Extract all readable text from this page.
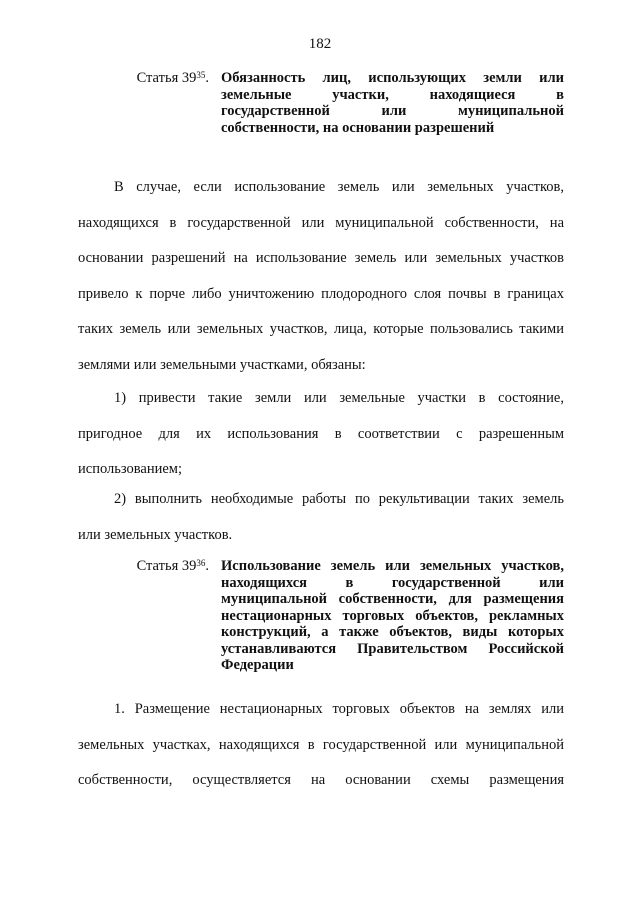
182
Статья $39^{35}$. Обязанность лиц, использующих земли или
земельные участки, находящиеся в
государственной или муниципальной
собственности, на основании разрешений
В случае, если использование земель или земельных участков,
находящихся в государственной или муниципальной собственности, на
основании разрешений на использование земель или земельных участков
привело к порче либо уничтожению плодородного слоя почвы в границах
таких земель или земельных участков, лица, которые пользовались такими
землями или земельными участками, обязаны:
1) привести такие земли или земельные участки в состояние,
пригодное для их использования в соответствии с разрешенным
использованием;
2) выполнить необходимые работы по рекультивации таких земель
или земельных участков.
Статья $39^{36}$. Использование земель или земельных участков,
находящихся в государственной или
муниципальной собственности, для размещения
нестационарных торговых объектов, рекламных
конструкций, а также объектов, виды которых
устанавливаются Правительством Российской
Федерации
1. Размещение нестационарных торговых объектов на землях или
земельных участках, находящихся в государственной или муниципальной
собственности, осуществляется на основании схемы размещения
